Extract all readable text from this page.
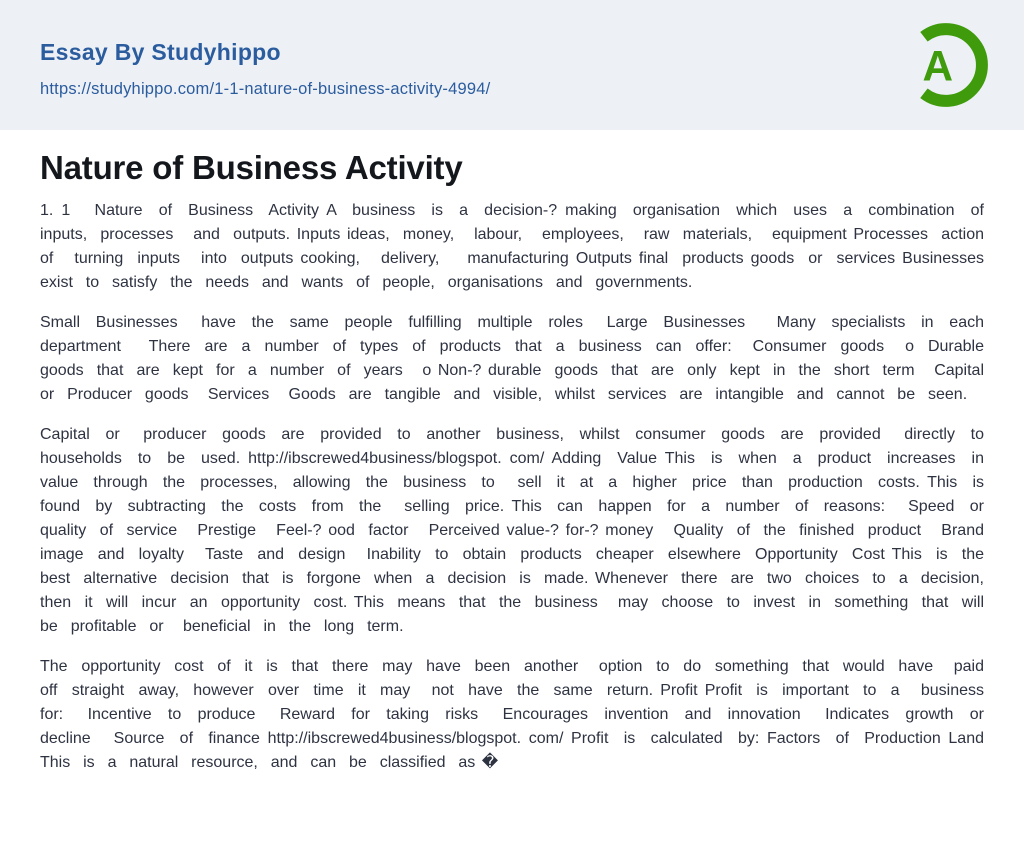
Essay By Studyhippo
https://studyhippo.com/1-1-nature-of-business-activity-4994/	A
Nature of Business Activity

1. 1   Nature  of  Business  Activity A  business  is  a  decision-? making  organisation  which  uses  a  combination  of  inputs,  processes   and  outputs. Inputs ideas,  money,   labour,   employees,   raw  materials,   equipment Processes  action  of   turning  inputs   into  outputs cooking,   delivery,    manufacturing Outputs final  products goods  or  services Businesses  exist  to  satisfy  the  needs  and  wants  of  people,  organisations  and  governments.

Small  Businesses   have  the  same  people  fulfilling  multiple  roles   Large  Businesses    Many  specialists  in  each  department    There  are  a  number  of  types  of  products  that  a  business  can  offer:   Consumer  goods   o  Durable  goods  that  are  kept  for  a  number  of  years   o Non-? durable  goods  that  are  only  kept  in  the  short  term   Capital  or  Producer  goods   Services   Goods  are  tangible  and  visible,  whilst  services  are  intangible  and  cannot  be  seen.

Capital  or   producer  goods  are  provided  to  another  business,  whilst  consumer  goods  are  provided   directly  to  households  to  be  used. http://ibscrewed4business/blogspot. com/ Adding  Value This  is  when  a  product  increases  in  value  through  the  processes,  allowing  the  business  to   sell  it  at  a  higher  price  than  production  costs. This  is  found  by  subtracting  the  costs  from  the   selling  price. This  can  happen  for  a  number  of  reasons:   Speed  or  quality  of  service   Prestige   Feel-? ood  factor   Perceived value-? for-? money   Quality  of  the  finished  product   Brand  image  and  loyalty   Taste  and  design   Inability  to  obtain  products  cheaper  elsewhere  Opportunity  Cost This  is  the  best  alternative  decision  that  is  forgone  when  a  decision  is  made. Whenever  there  are  two  choices  to  a  decision,  then  it  will  incur  an  opportunity  cost. This  means  that  the  business   may  choose  to  invest  in  something  that  will  be  profitable  or   beneficial  in  the  long  term.

The  opportunity  cost  of  it  is  that  there  may  have  been  another   option  to  do  something  that  would  have   paid  off  straight  away,  however  over  time  it  may   not  have  the  same  return. Profit Profit  is  important  to  a   business  for:   Incentive  to  produce   Reward  for  taking  risks   Encourages  invention  and  innovation   Indicates  growth  or  decline   Source  of  finance http://ibscrewed4business/blogspot. com/ Profit  is  calculated  by: Factors  of  Production Land   This  is  a  natural  resource,  and  can  be  classified  as �
